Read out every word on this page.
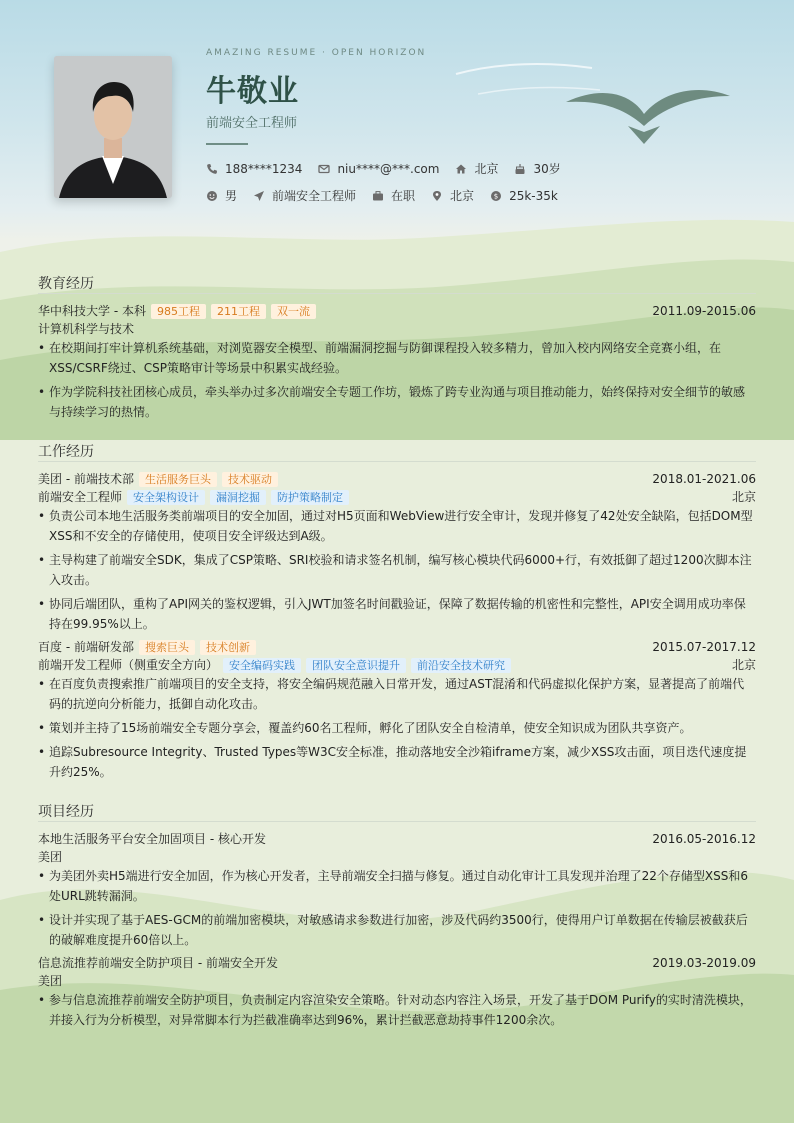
AMAZING RESUME · OPEN HORIZON
牛敬业
前端安全工程师
188****1234	niu****@***.com	北京	30岁
男	前端安全工程师	在职	北京	$ 25k-35k
教育经历
华中科技大学 - 本科	985工程	211工程	双一流	2011.09-2015.06
计算机科学与技术
• 在校期间打牢计算机系统基础，对浏览器安全模型、前端漏洞挖掘与防御课程投入较多精力，曾加入校内网络安全竞赛小组，在XSS/CSRF绕过、CSP策略审计等场景中积累实战经验。
• 作为学院科技社团核心成员，牵头举办过多次前端安全专题工作坊，锻炼了跨专业沟通与项目推动能力，始终保持对安全细节的敏感与持续学习的热情。
工作经历
美团 - 前端技术部	生活服务巨头	技术驱动	2018.01-2021.06
前端安全工程师	安全架构设计	漏洞挖掘	防护策略制定	北京
• 负责公司本地生活服务类前端项目的安全加固，通过对H5页面和WebView进行安全审计，发现并修复了42处安全缺陷，包括DOM型XSS和不安全的存储使用，使项目安全评级达到A级。
• 主导构建了前端安全SDK，集成了CSP策略、SRI校验和请求签名机制，编写核心模块代码6000+行，有效抵御了超过1200次脚本注入攻击。
• 协同后端团队，重构了API网关的鉴权逻辑，引入JWT加签名时间戳验证，保障了数据传输的机密性和完整性，API安全调用成功率保持在99.95%以上。
百度 - 前端研发部	搜索巨头	技术创新	2015.07-2017.12
前端开发工程师（侧重安全方向）	安全编码实践	团队安全意识提升	前沿安全技术研究	北京
• 在百度负责搜索推广前端项目的安全支持，将安全编码规范融入日常开发，通过AST混淆和代码虚拟化保护方案，显著提高了前端代码的抗逆向分析能力，抵御自动化攻击。
• 策划并主持了15场前端安全专题分享会，覆盖约60名工程师，孵化了团队安全自检清单，使安全知识成为团队共享资产。
• 追踪Subresource Integrity、Trusted Types等W3C安全标准，推动落地安全沙箱iframe方案，减少XSS攻击面，项目迭代速度提升约25%。
项目经历
本地生活服务平台安全加固项目 - 核心开发	2016.05-2016.12
美团
• 为美团外卖H5端进行安全加固，作为核心开发者，主导前端安全扫描与修复。通过自动化审计工具发现并治理了22个存储型XSS和6处URL跳转漏洞。
• 设计并实现了基于AES-GCM的前端加密模块，对敏感请求参数进行加密，涉及代码约3500行，使得用户订单数据在传输层被截获后的破解难度提升60倍以上。
信息流推荐前端安全防护项目 - 前端安全开发	2019.03-2019.09
美团
• 参与信息流推荐前端安全防护项目，负责制定内容渲染安全策略。针对动态内容注入场景，开发了基于DOM Purify的实时清洗模块，并接入行为分析模型，对异常脚本行为拦截准确率达到96%，累计拦截恶意劫持事件1200余次。
